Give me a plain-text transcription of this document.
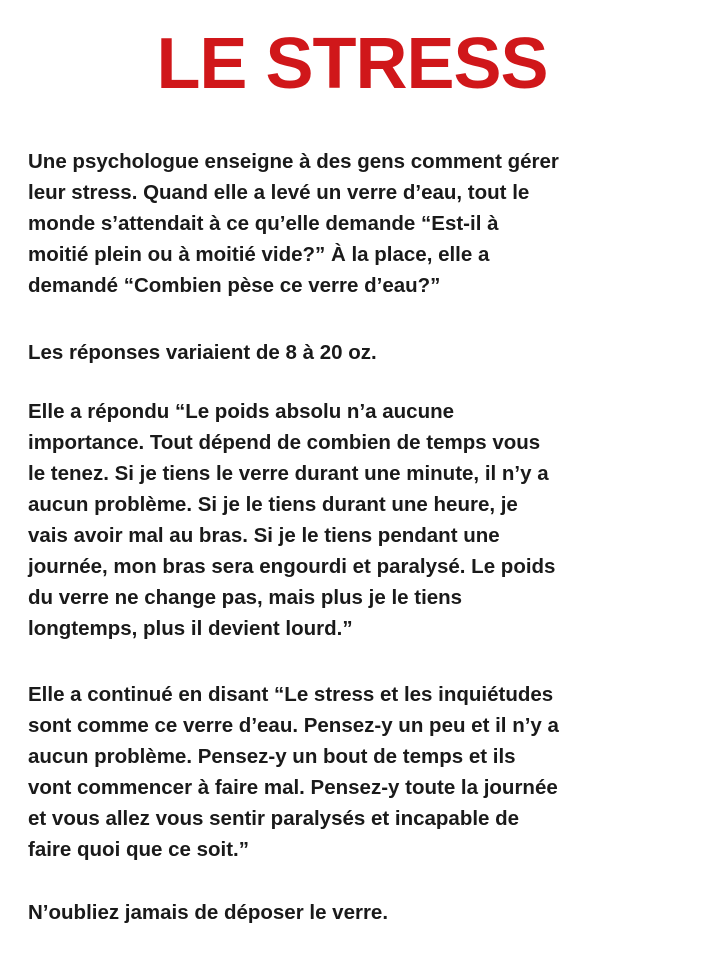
LE STRESS

Une psychologue enseigne à des gens comment gérer
leur stress. Quand elle a levé un verre d’eau, tout le
monde s’attendait à ce qu’elle demande “Est-il à
moitié plein ou à moitié vide?” À la place, elle a
demandé “Combien pèse ce verre d’eau?”

Les réponses variaient de 8 à 20 oz.

Elle a répondu “Le poids absolu n’a aucune
importance. Tout dépend de combien de temps vous
le tenez. Si je tiens le verre durant une minute, il n’y a
aucun problème. Si je le tiens durant une heure, je
vais avoir mal au bras. Si je le tiens pendant une
journée, mon bras sera engourdi et paralysé. Le poids
du verre ne change pas, mais plus je le tiens
longtemps, plus il devient lourd.”

Elle a continué en disant “Le stress et les inquiétudes
sont comme ce verre d’eau. Pensez-y un peu et il n’y a
aucun problème. Pensez-y un bout de temps et ils
vont commencer à faire mal. Pensez-y toute la journée
et vous allez vous sentir paralysés et incapable de
faire quoi que ce soit.”

N’oubliez jamais de déposer le verre.
